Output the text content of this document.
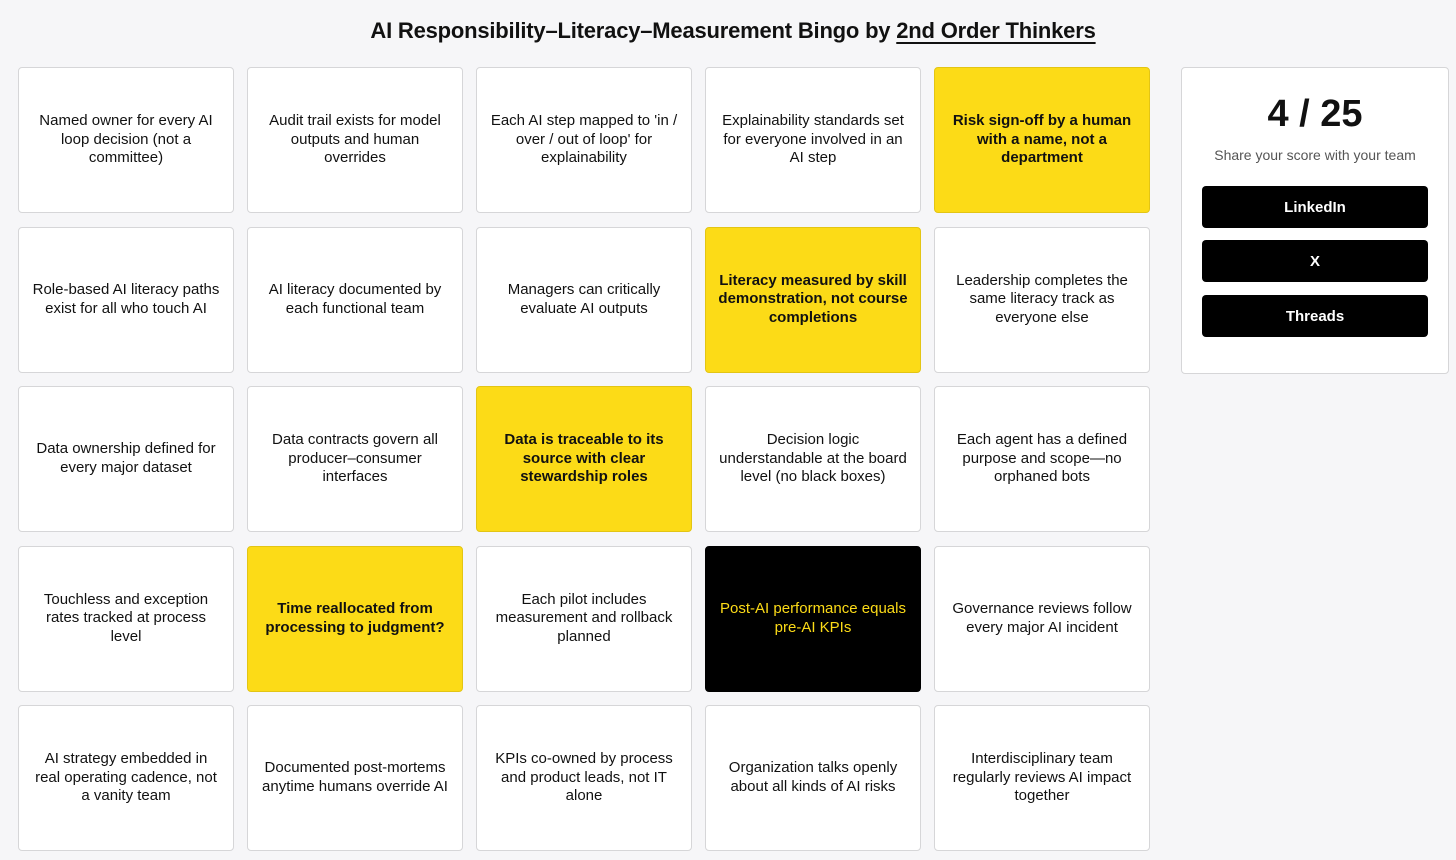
AI Responsibility–Literacy–Measurement Bingo by 2nd Order Thinkers
Named owner for every AI loop decision (not a committee)
Audit trail exists for model outputs and human overrides
Each AI step mapped to 'in / over / out of loop' for explainability
Explainability standards set for everyone involved in an AI step
Risk sign-off by a human with a name, not a department
Role-based AI literacy paths exist for all who touch AI
AI literacy documented by each functional team
Managers can critically evaluate AI outputs
Literacy measured by skill demonstration, not course completions
Leadership completes the same literacy track as everyone else
Data ownership defined for every major dataset
Data contracts govern all producer–consumer interfaces
Data is traceable to its source with clear stewardship roles
Decision logic understandable at the board level (no black boxes)
Each agent has a defined purpose and scope—no orphaned bots
Touchless and exception rates tracked at process level
Time reallocated from processing to judgment?
Each pilot includes measurement and rollback planned
Post-AI performance equals pre-AI KPIs
Governance reviews follow every major AI incident
AI strategy embedded in real operating cadence, not a vanity team
Documented post-mortems anytime humans override AI
KPIs co-owned by process and product leads, not IT alone
Organization talks openly about all kinds of AI risks
Interdisciplinary team regularly reviews AI impact together
4 / 25
Share your score with your team
LinkedIn
X
Threads
